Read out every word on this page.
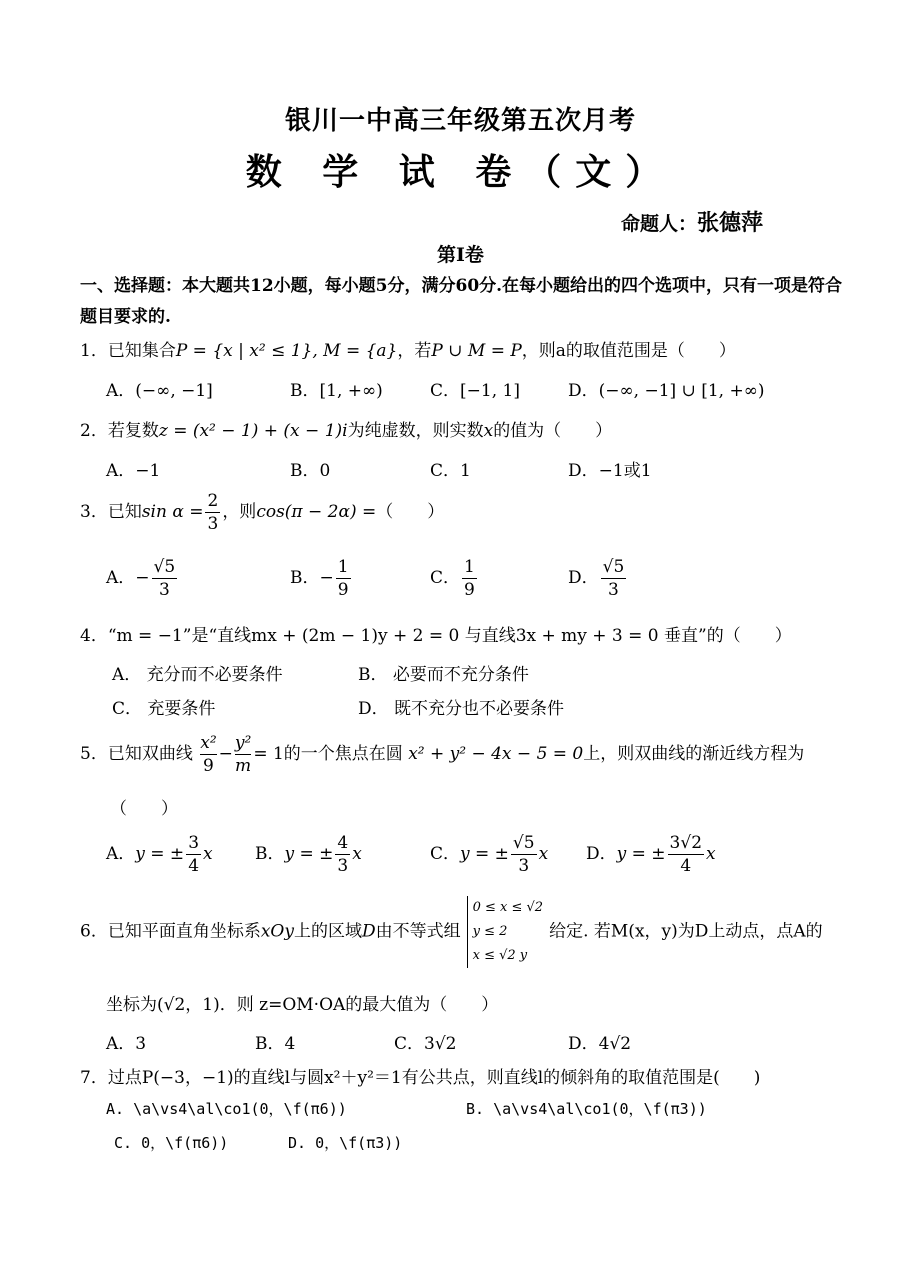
银川一中高三年级第五次月考
数 学 试 卷（文）
命题人：张德萍
第Ⅰ卷
一、选择题：本大题共12小题，每小题5分，满分60分.在每小题给出的四个选项中，只有一项是符合题目要求的.
1．已知集合P = {x | x² ≤ 1}, M = {a}，若P ∪ M = P，则a的取值范围是（　　）
A．(−∞, −1]	B．[1, +∞)	C．[−1, 1]	D．(−∞, −1] ∪ [1, +∞)
2．若复数z = (x² − 1) + (x − 1)i为纯虚数，则实数x的值为（　　）
A．−1	B．0	C．1	D．−1或1
3．已知$\sin \alpha = \frac{2}{3}$ ，则cos(π − 2α) =（　　）
A．− $\frac{√5}{3}$	B．− $\frac{1}{9}$	C． $\frac{1}{9}$	D． $\frac{√5}{3}$
4．“m = −1”是“直线mx + (2m − 1)y + 2 = 0 与直线3x + my + 3 = 0 垂直”的（　　）
A． 充分而不必要条件	B． 必要而不充分条件
C． 充要条件	D． 既不充分也不必要条件
5．已知双曲线 $\frac{\text{x²}}{9} - \frac{\text{y²}}{m} = 1$的一个焦点在圆 x² + y² − 4x − 5 = 0上，则双曲线的渐近线方程为
（　　）
A．y = ± $\frac{3}{4}$ x B．y = ± $\frac{4}{3}$ x	C．y = ± $\frac{√5}{3}$ x D．y = ± $\frac{3√2}{4}$ x
6．已知平面直角坐标系xOy上的区域D由不等式组
0 ≤ x ≤ √2
y ≤ 2
x ≤ √2 y
给定. 若M(x，y)为D上动点，点A的
坐标为(√2，1)．则 z=OM·OA的最大值为（　　）
A．3	B．4	C．3√2	D．4√2
7．过点P(−3，−1)的直线l与圆x²＋y²＝1有公共点，则直线l的倾斜角的取值范围是(　　)
A. \a\vs4\al\co1(0，\f(π6))	B. \a\vs4\al\co1(0，\f(π3))
C. 0，\f(π6))	D. 0，\f(π3))
